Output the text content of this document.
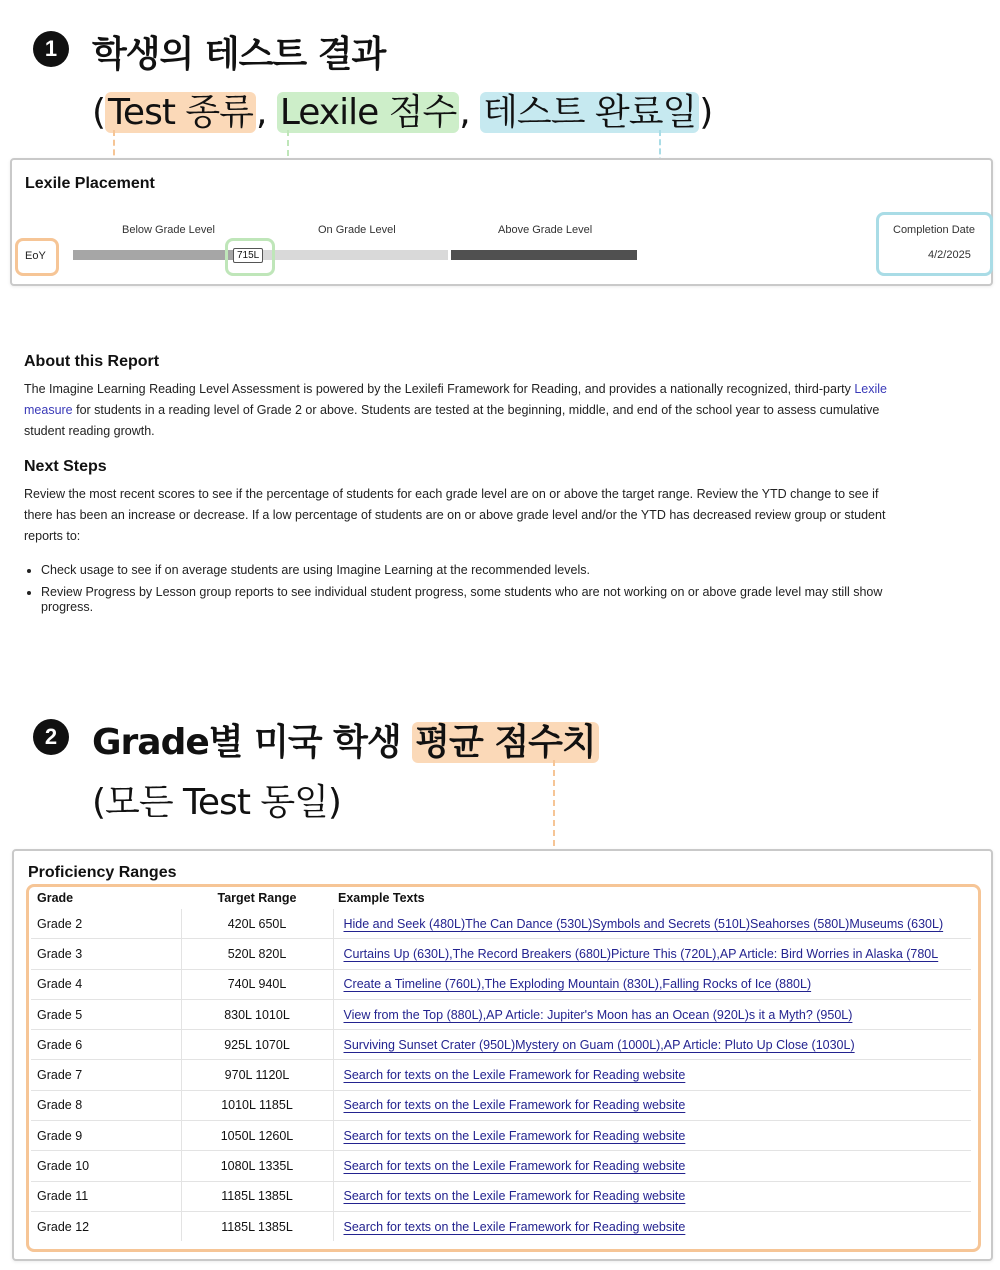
1 학생의 테스트 결과
(Test 종류, Lexile 점수, 테스트 완료일)
Lexile Placement
Below Grade Level	On Grade Level	Above Grade Level
EoY	715L
Completion Date
4/2/2025
About this Report
The Imagine Learning Reading Level Assessment is powered by the Lexilefi Framework for Reading, and provides a nationally recognized, third-party Lexile measure for students in a reading level of Grade 2 or above. Students are tested at the beginning, middle, and end of the school year to assess cumulative student reading growth.
Next Steps
Review the most recent scores to see if the percentage of students for each grade level are on or above the target range. Review the YTD change to see if there has been an increase or decrease. If a low percentage of students are on or above grade level and/or the YTD has decreased review group or student reports to:
• Check usage to see if on average students are using Imagine Learning at the recommended levels.
• Review Progress by Lesson group reports to see individual student progress, some students who are not working on or above grade level may still show progress.
2 Grade별 미국 학생 평균 점수치
(모든 Test 동일)
Proficiency Ranges
Grade	Target Range	Example Texts
Grade 2	420L 650L	Hide and Seek (480L)The Can Dance (530L)Symbols and Secrets (510L)Seahorses (580L)Museums (630L)
Grade 3	520L 820L	Curtains Up (630L),The Record Breakers (680L)Picture This (720L),AP Article: Bird Worries in Alaska (780L
Grade 4	740L 940L	Create a Timeline (760L),The Exploding Mountain (830L),Falling Rocks of Ice (880L)
Grade 5	830L 1010L	View from the Top (880L),AP Article: Jupiter's Moon has an Ocean (920L)s it a Myth? (950L)
Grade 6	925L 1070L	Surviving Sunset Crater (950L)Mystery on Guam (1000L),AP Article: Pluto Up Close (1030L)
Grade 7	970L 1120L	Search for texts on the Lexile Framework for Reading website
Grade 8	1010L 1185L	Search for texts on the Lexile Framework for Reading website
Grade 9	1050L 1260L	Search for texts on the Lexile Framework for Reading website
Grade 10	1080L 1335L	Search for texts on the Lexile Framework for Reading website
Grade 11	1185L 1385L	Search for texts on the Lexile Framework for Reading website
Grade 12	1185L 1385L	Search for texts on the Lexile Framework for Reading website
